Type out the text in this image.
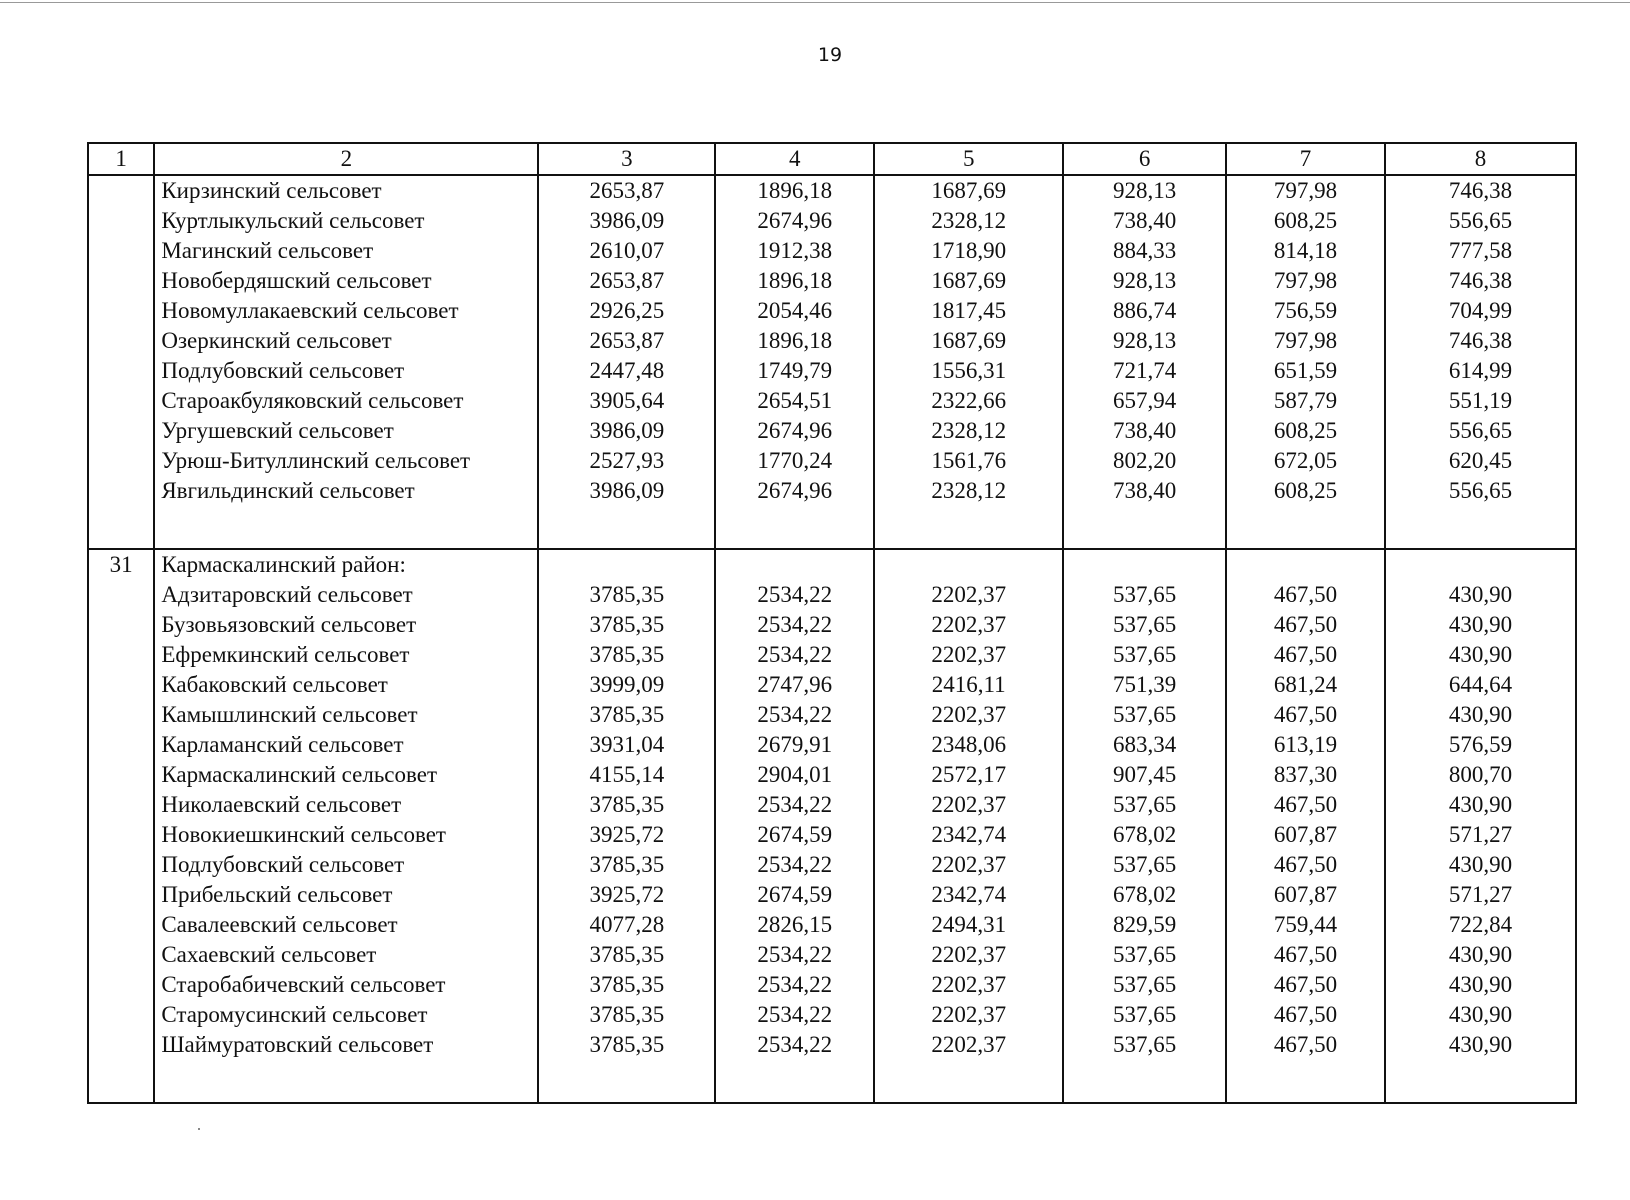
19
1	2	3	4	5	6	7	8
	Кирзинский сельсовет	2653,87	1896,18	1687,69	928,13	797,98	746,38
	Куртлыкульский сельсовет	3986,09	2674,96	2328,12	738,40	608,25	556,65
	Магинский сельсовет	2610,07	1912,38	1718,90	884,33	814,18	777,58
	Новобердяшский сельсовет	2653,87	1896,18	1687,69	928,13	797,98	746,38
	Новомуллакаевский сельсовет	2926,25	2054,46	1817,45	886,74	756,59	704,99
	Озеркинский сельсовет	2653,87	1896,18	1687,69	928,13	797,98	746,38
	Подлубовский сельсовет	2447,48	1749,79	1556,31	721,74	651,59	614,99
	Староакбуляковский сельсовет	3905,64	2654,51	2322,66	657,94	587,79	551,19
	Ургушевский сельсовет	3986,09	2674,96	2328,12	738,40	608,25	556,65
	Урюш-Битуллинский сельсовет	2527,93	1770,24	1561,76	802,20	672,05	620,45
	Явгильдинский сельсовет	3986,09	2674,96	2328,12	738,40	608,25	556,65

31	Кармаскалинский район:						
	Адзитаровский сельсовет	3785,35	2534,22	2202,37	537,65	467,50	430,90
	Бузовьязовский сельсовет	3785,35	2534,22	2202,37	537,65	467,50	430,90
	Ефремкинский сельсовет	3785,35	2534,22	2202,37	537,65	467,50	430,90
	Кабаковский сельсовет	3999,09	2747,96	2416,11	751,39	681,24	644,64
	Камышлинский сельсовет	3785,35	2534,22	2202,37	537,65	467,50	430,90
	Карламанский сельсовет	3931,04	2679,91	2348,06	683,34	613,19	576,59
	Кармаскалинский сельсовет	4155,14	2904,01	2572,17	907,45	837,30	800,70
	Николаевский сельсовет	3785,35	2534,22	2202,37	537,65	467,50	430,90
	Новокиешкинский сельсовет	3925,72	2674,59	2342,74	678,02	607,87	571,27
	Подлубовский сельсовет	3785,35	2534,22	2202,37	537,65	467,50	430,90
	Прибельский сельсовет	3925,72	2674,59	2342,74	678,02	607,87	571,27
	Савалеевский сельсовет	4077,28	2826,15	2494,31	829,59	759,44	722,84
	Сахаевский сельсовет	3785,35	2534,22	2202,37	537,65	467,50	430,90
	Старобабичевский сельсовет	3785,35	2534,22	2202,37	537,65	467,50	430,90
	Старомусинский сельсовет	3785,35	2534,22	2202,37	537,65	467,50	430,90
	Шаймуратовский сельсовет	3785,35	2534,22	2202,37	537,65	467,50	430,90
